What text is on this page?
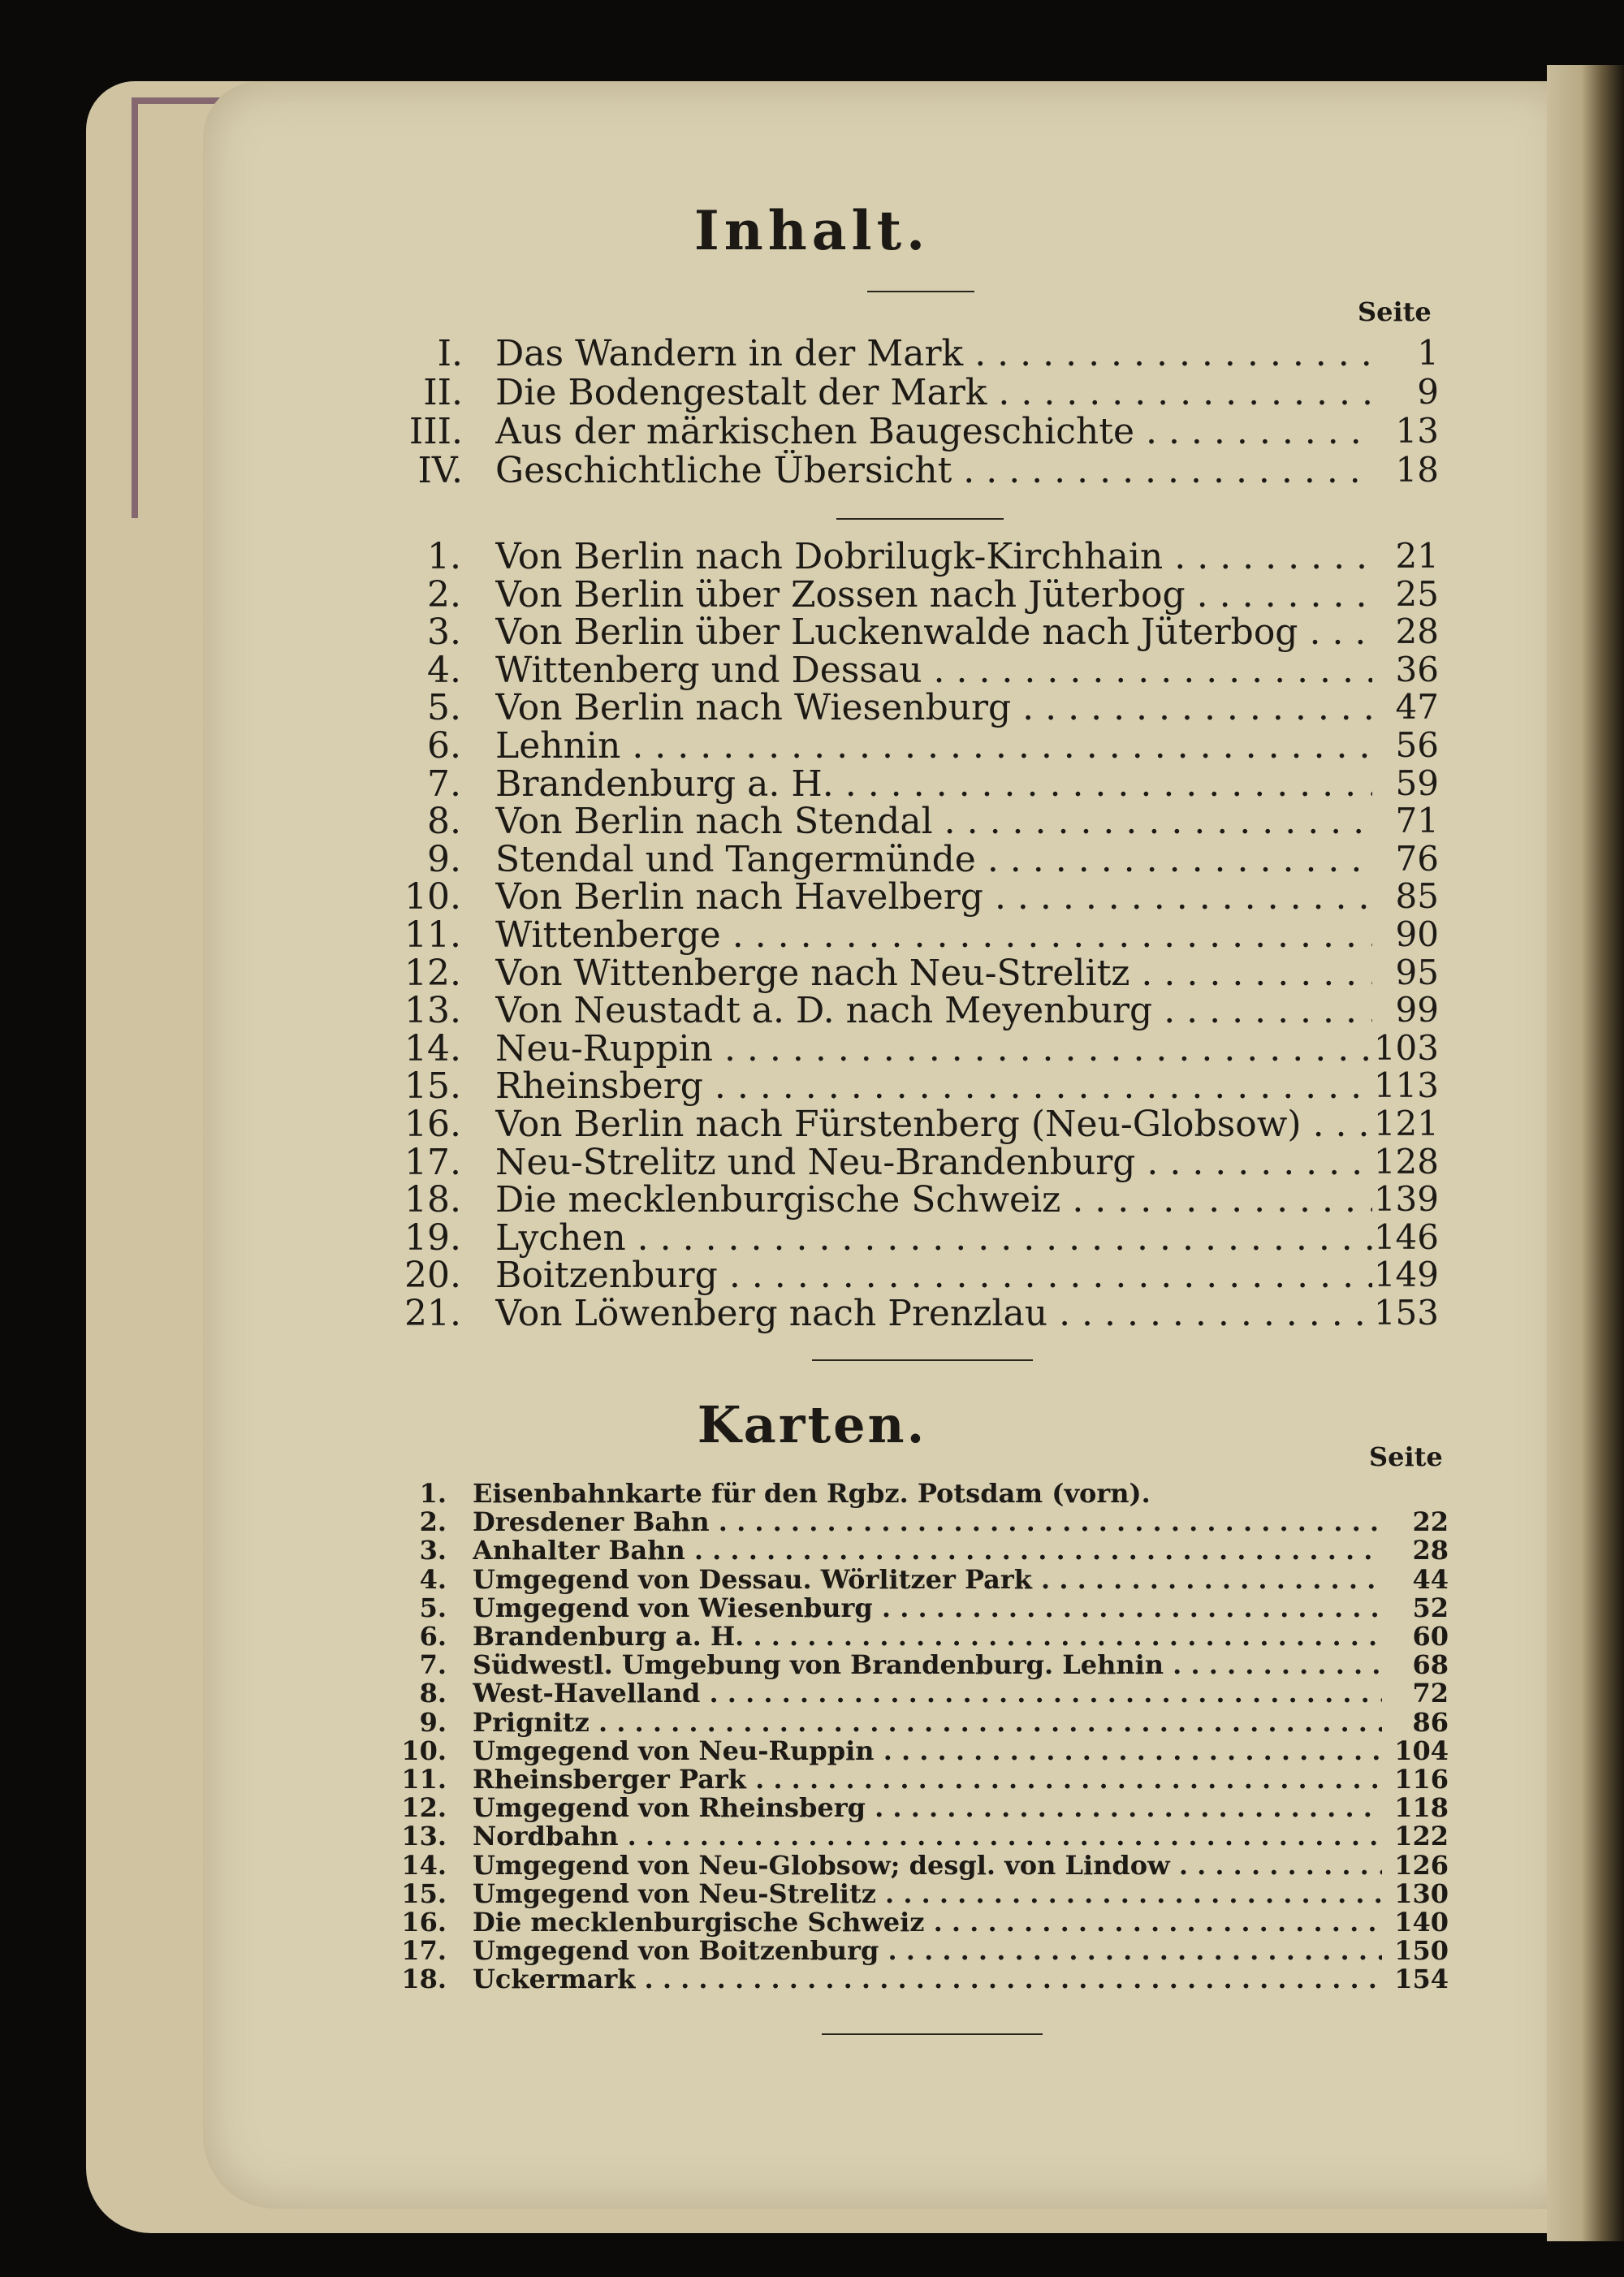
Inhalt.
Seite
I. Das Wandern in der Mark . . .	1
II. Die Bodengestalt der Mark . . .	9
III. Aus der märkischen Baugeschichte . . .	13
IV. Geschichtliche Übersicht . . .	18
1. Von Berlin nach Dobrilugk-Kirchhain . . .	21
2. Von Berlin über Zossen nach Jüterbog . . .	25
3. Von Berlin über Luckenwalde nach Jüterbog . . .	28
4. Wittenberg und Dessau . . .	36
5. Von Berlin nach Wiesenburg . . .	47
6. Lehnin . . .	56
7. Brandenburg a. H. . . .	59
8. Von Berlin nach Stendal . . .	71
9. Stendal und Tangermünde . . .	76
10. Von Berlin nach Havelberg . . .	85
11. Wittenberge . . .	90
12. Von Wittenberge nach Neu-Strelitz . . .	95
13. Von Neustadt a. D. nach Meyenburg . . .	99
14. Neu-Ruppin . . .	103
15. Rheinsberg . . .	113
16. Von Berlin nach Fürstenberg (Neu-Globsow) . . .	121
17. Neu-Strelitz und Neu-Brandenburg . . .	128
18. Die mecklenburgische Schweiz . . .	139
19. Lychen . . .	146
20. Boitzenburg . . .	149
21. Von Löwenberg nach Prenzlau . . .	153
Karten.
Seite
1. Eisenbahnkarte für den Rgbz. Potsdam (vorn).
2. Dresdener Bahn . . .	22
3. Anhalter Bahn . . .	28
4. Umgegend von Dessau. Wörlitzer Park . . .	44
5. Umgegend von Wiesenburg . . .	52
6. Brandenburg a. H. . . .	60
7. Südwestl. Umgebung von Brandenburg. Lehnin . . .	68
8. West-Havelland . . .	72
9. Prignitz . . .	86
10. Umgegend von Neu-Ruppin . . .	104
11. Rheinsberger Park . . .	116
12. Umgegend von Rheinsberg . . .	118
13. Nordbahn . . .	122
14. Umgegend von Neu-Globsow; desgl. von Lindow . . .	126
15. Umgegend von Neu-Strelitz . . .	130
16. Die mecklenburgische Schweiz . . .	140
17. Umgegend von Boitzenburg . . .	150
18. Uckermark . . .	154
